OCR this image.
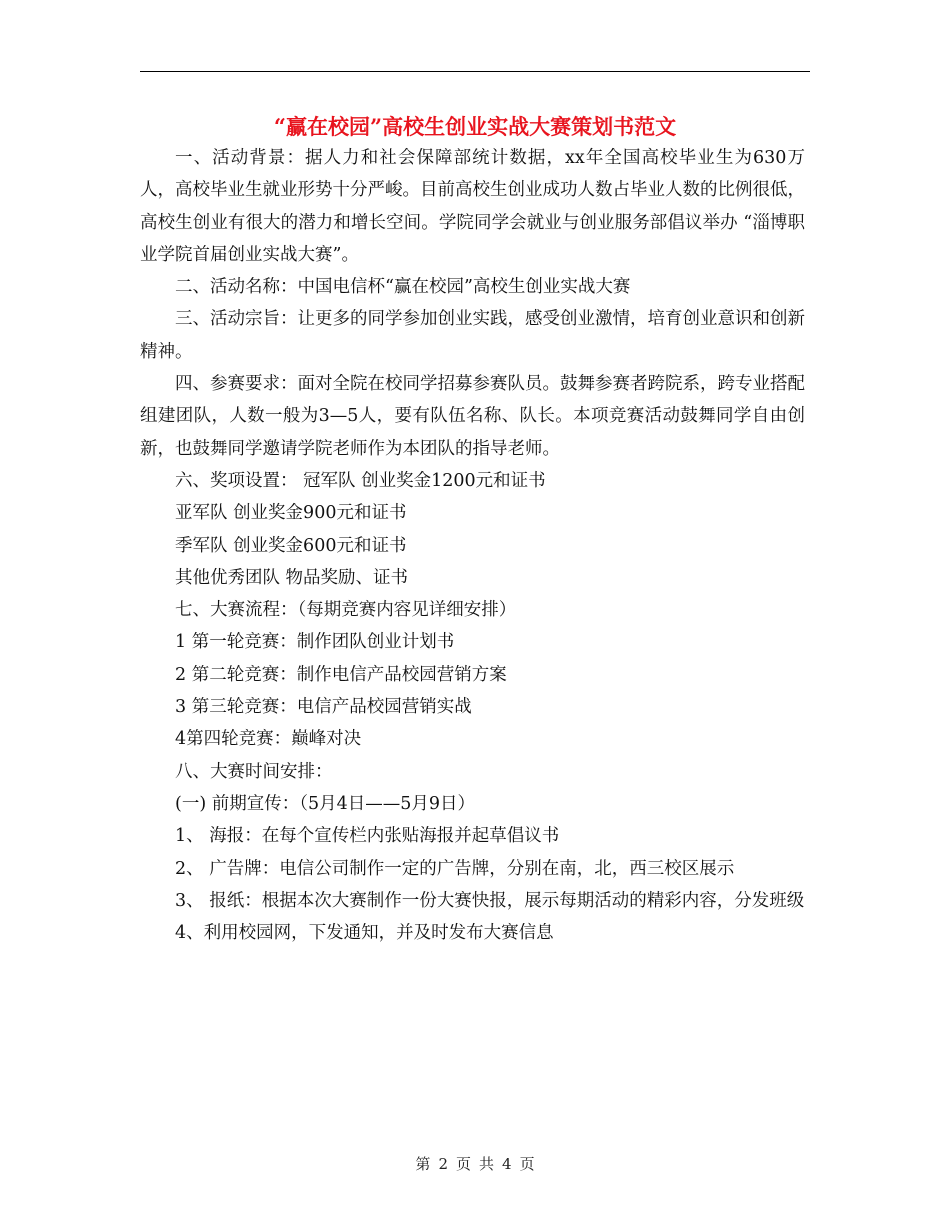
“赢在校园”高校生创业实战大赛策划书范文

一、活动背景：据人力和社会保障部统计数据，xx年全国高校毕业生为630万人，高校毕业生就业形势十分严峻。目前高校生创业成功人数占毕业人数的比例很低，高校生创业有很大的潜力和增长空间。学院同学会就业与创业服务部倡议举办 “淄博职业学院首届创业实战大赛”。

二、活动名称：中国电信杯“赢在校园”高校生创业实战大赛

三、活动宗旨：让更多的同学参加创业实践，感受创业激情，培育创业意识和创新精神。

四、参赛要求：面对全院在校同学招募参赛队员。鼓舞参赛者跨院系，跨专业搭配组建团队，人数一般为3—5人，要有队伍名称、队长。本项竞赛活动鼓舞同学自由创新，也鼓舞同学邀请学院老师作为本团队的指导老师。

六、奖项设置： 冠军队 创业奖金1200元和证书

亚军队 创业奖金900元和证书

季军队 创业奖金600元和证书

其他优秀团队 物品奖励、证书

七、大赛流程：（每期竞赛内容见详细安排）

1 第一轮竞赛：制作团队创业计划书

2 第二轮竞赛：制作电信产品校园营销方案

3 第三轮竞赛：电信产品校园营销实战

4第四轮竞赛：巅峰对决

八、大赛时间安排：

(一) 前期宣传：（5月4日——5月9日）

1、 海报：在每个宣传栏内张贴海报并起草倡议书

2、 广告牌：电信公司制作一定的广告牌，分别在南，北，西三校区展示

3、 报纸：根据本次大赛制作一份大赛快报，展示每期活动的精彩内容，分发班级

4、利用校园网，下发通知，并及时发布大赛信息

第 2 页 共 4 页
